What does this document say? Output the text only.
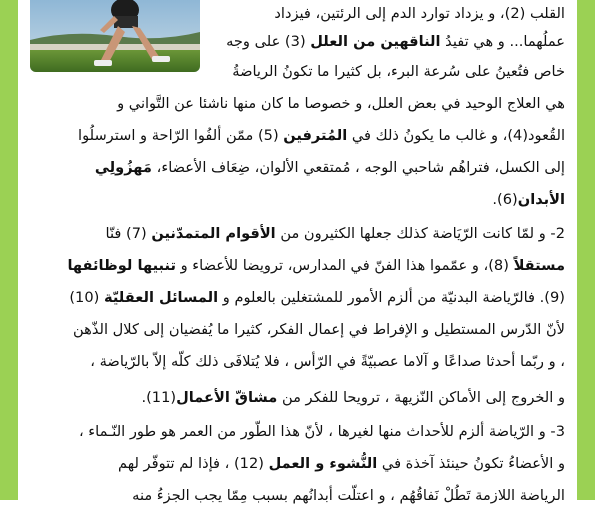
القلب (2)، و يزداد توارد الدم إلى الرئتين، فيزداد
عملُهما... و هي تفيدُ الناقهين من العلل (3) على وجه
خاص فتُعينُ على سُرعة البرء، بل كثيرا ما تكونُ الرياضةُ
هي العلاج الوحيد في بعض العلل، و خصوصا ما كان منها ناشئا عن التَّواني و
القُعود(4)، و غالب ما يكونُ ذلك في المُترفين (5) ممّن ألفُوا الرّاحة و استرسلُوا
إلى الكسل، فتراهُم شاحبي الوجه ، مُمتقعي الألوان، ضِعَاف الأعضاء، مَهزُولِي
الأبدان(6).
2- و لمّا كانت الرّيَاضة كذلك جعلها الكثيرون من الأقوام المتمدّنين (7) فنّا
مستقلاً (8)، و عمّموا هذا الفنّ في المدارس، ترويضا للأعضاء و تنبيها لوظائفها
(9). فالرّياضة البدنيّة من ألزم الأمور للمشتغلين بالعلوم و المسائل العقليّة (10)
لأنّ الدّرس المستطيل و الإفراط في إعمال الفكر، كثيرا ما يُفضيان إلى كلال الذّهن
، و ربّما أحدثا صداعًا و آلاما عصبيّةً في الرّأس ، فلا يُتلافَى ذلك كلّه إلاّ بالرّياضة ،
و الخروج إلى الأماكن النّزيهة ، ترويحا للفكر من مشاقّ الأعمال(11).
3- و الرّياضة ألزم للأحداث منها لغيرها ، لأنّ هذا الطّور من العمر هو طور النّـماء ،
و الأعضاءُ تكونُ حينئذ آخذة في النُّشوء و العمل (12) ، فإذا لم تتوفّر لهم
الرياضة اللازمة تَطُلْ نَفاقُهُم ، و اعتلّت أبدانُهم بسبب مِمّا يجب الجزءُ منه
